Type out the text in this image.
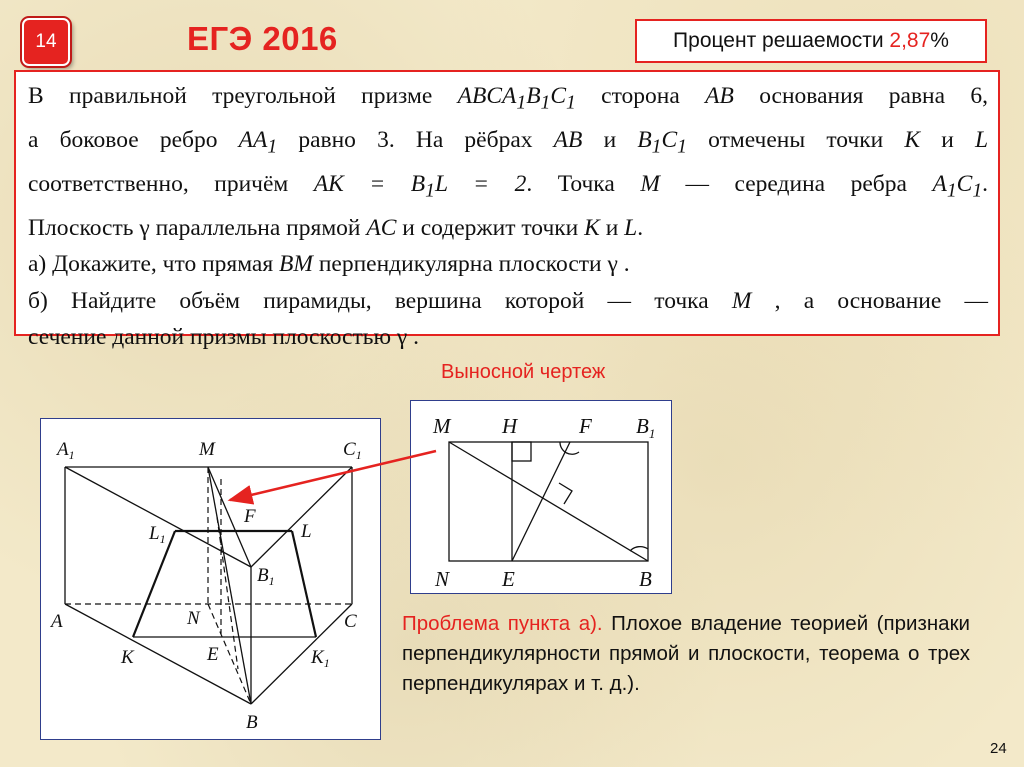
14	ЕГЭ 2016	Процент решаемости 2,87 %

В правильной треугольной призме $ABCA_1B_1C_1$ сторона AB основания равна 6,

а боковое ребро $AA_1$ равно 3. На рёбрах AB и $B_1C_1$ отмечены точки K и L

соответственно, причём AK = $B_1L = 2$. Точка M — середина ребра $A_1C_1$.

Плоскость γ параллельна прямой AC и содержит точки K и L.

а) Докажите, что прямая BM перпендикулярна плоскости γ .

б) Найдите объём пирамиды, вершина которой — точка M , а основание —

сечение данной призмы плоскостью γ .

Выносной чертеж
$A_1$	M	$C_1$
$L_1$
F
L
$B_1$
N
A	C
K	E	$K_1$
B
M H	F $B_1$
N	E	B
Проблема пункта а). Плохое владение теорией (признаки перпендикулярности прямой и плоскости, теорема о трех перпендикулярах и т. д.).
24
